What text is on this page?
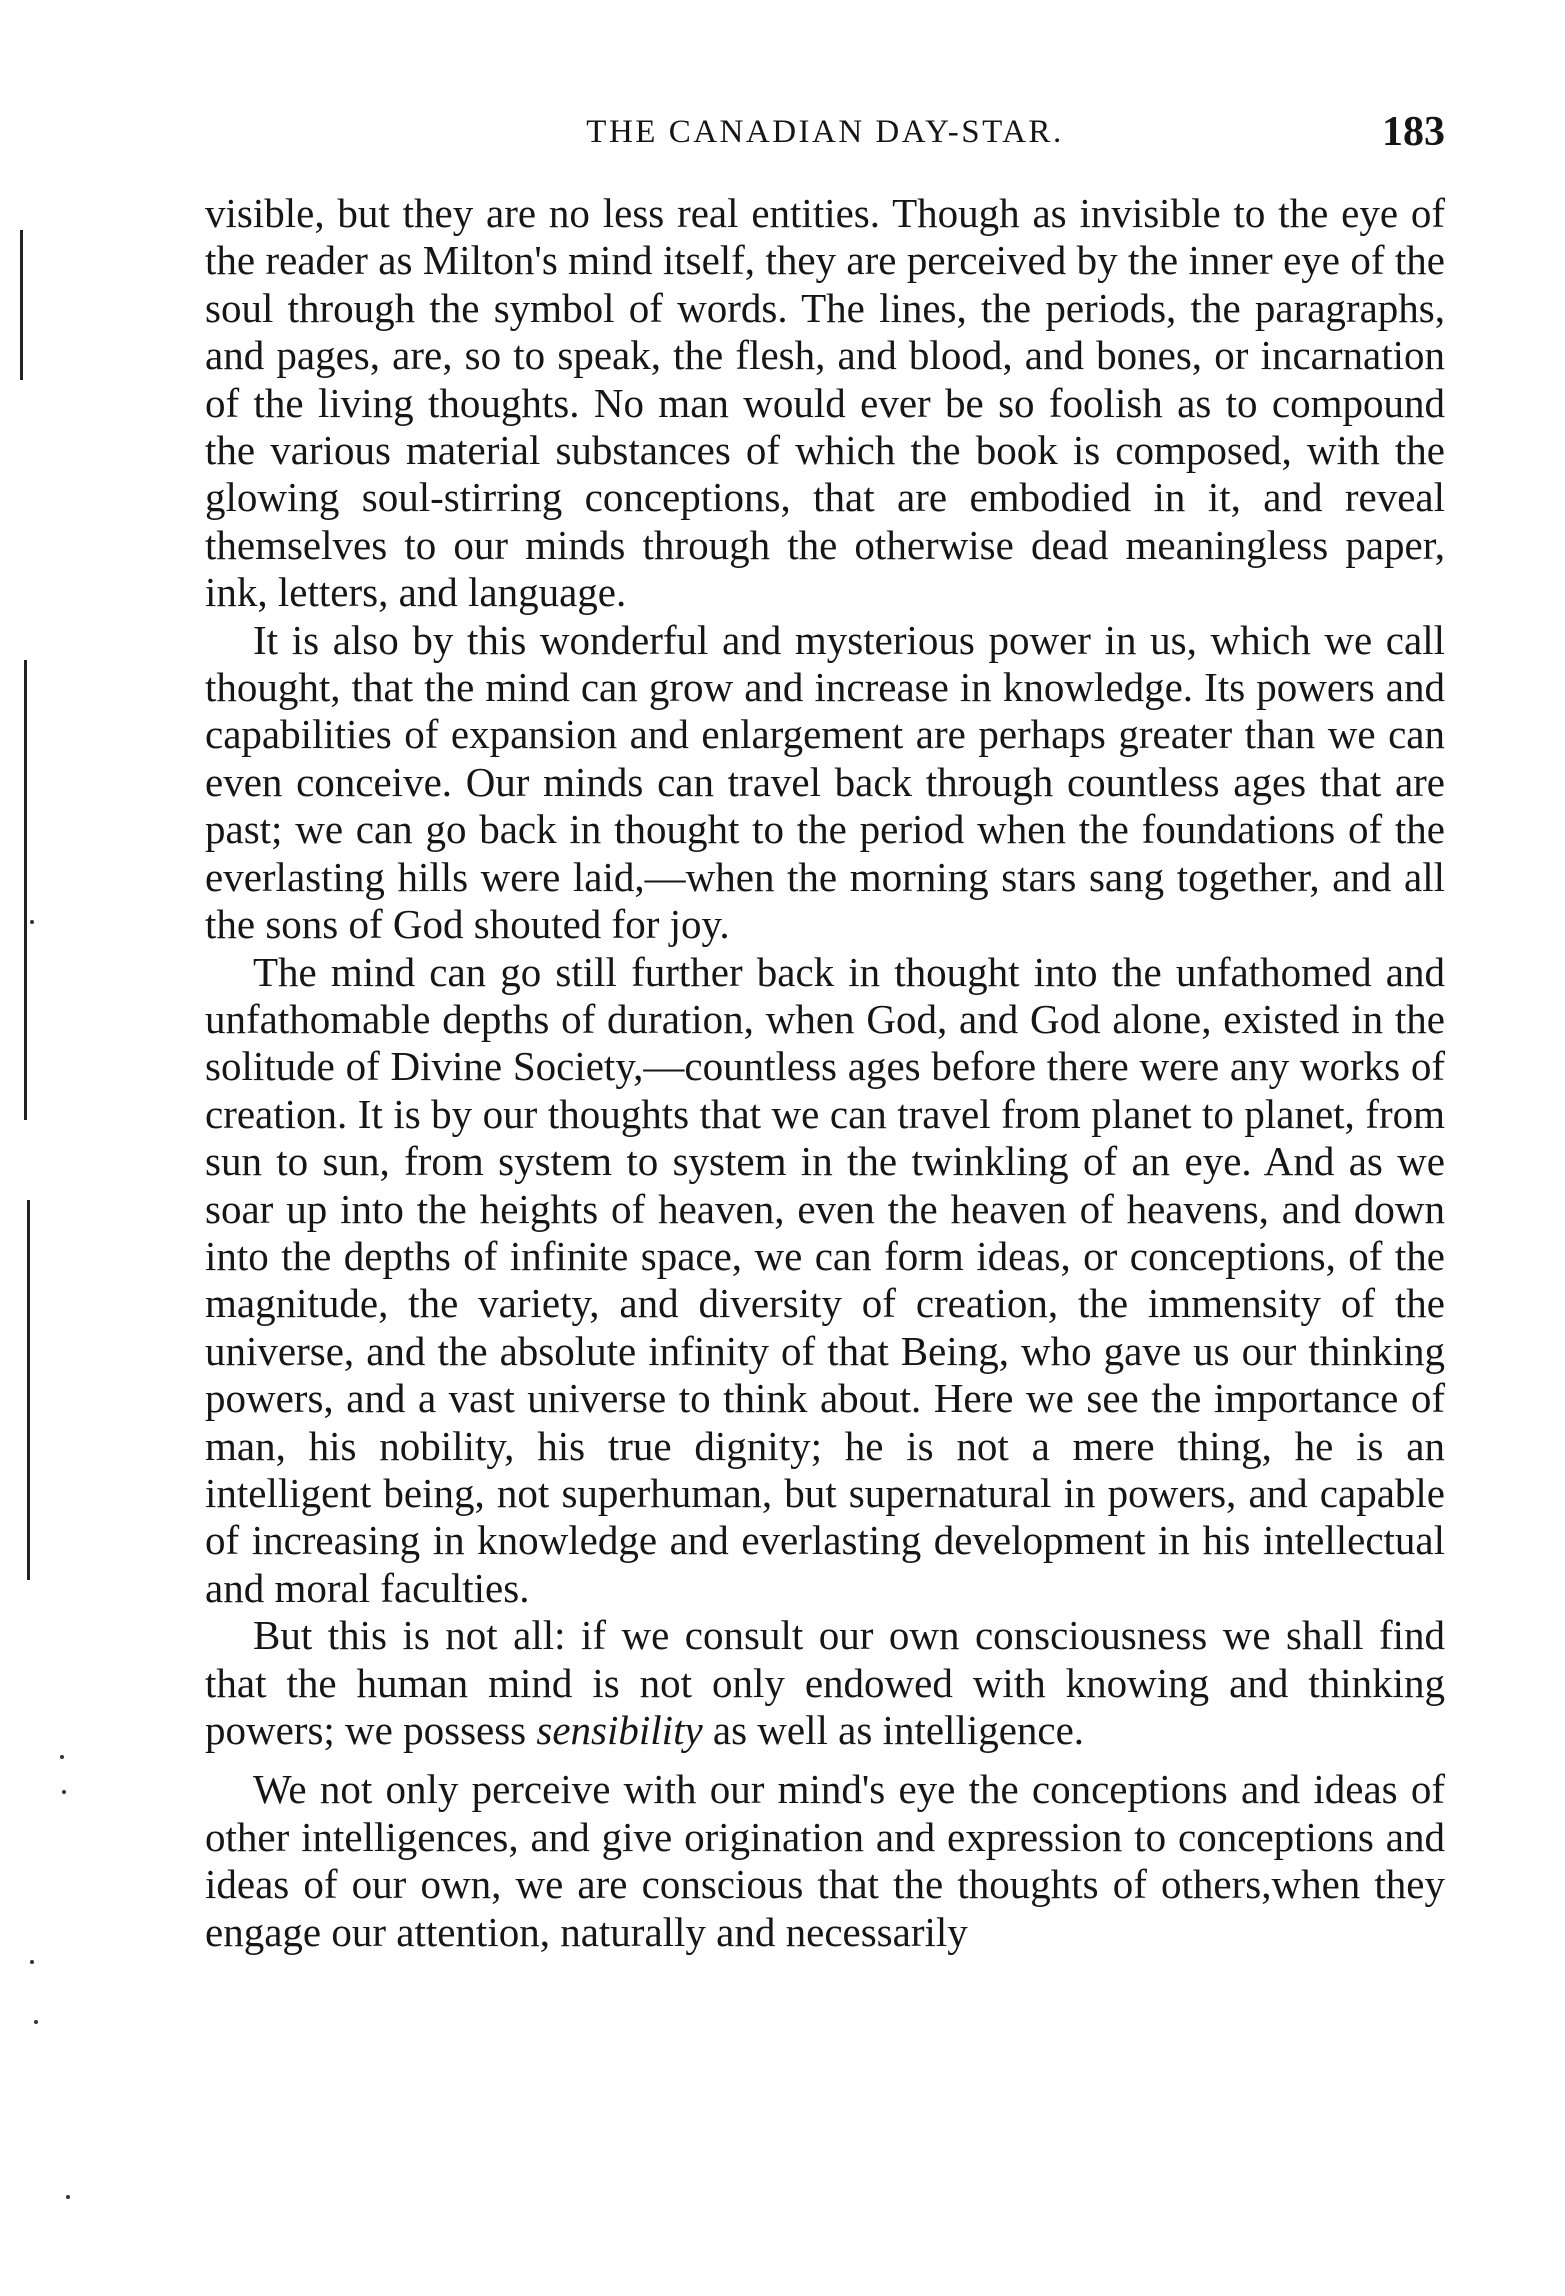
THE CANADIAN DAY-STAR.	183

visible, but they are no less real entities. Though as invisible to the eye of the reader as Milton's mind itself, they are perceived by the inner eye of the soul through the symbol of words. The lines, the periods, the paragraphs, and pages, are, so to speak, the flesh, and blood, and bones, or incarnation of the living thoughts. No man would ever be so foolish as to compound the various material substances of which the book is composed, with the glowing soul-stirring conceptions, that are embodied in it, and reveal themselves to our minds through the otherwise dead meaningless paper, ink, letters, and language.

It is also by this wonderful and mysterious power in us, which we call thought, that the mind can grow and increase in knowledge. Its powers and capabilities of expansion and enlargement are perhaps greater than we can even conceive. Our minds can travel back through countless ages that are past; we can go back in thought to the period when the foundations of the everlasting hills were laid,—when the morning stars sang together, and all the sons of God shouted for joy.

The mind can go still further back in thought into the unfathomed and unfathomable depths of duration, when God, and God alone, existed in the solitude of Divine Society,—countless ages before there were any works of creation. It is by our thoughts that we can travel from planet to planet, from sun to sun, from system to system in the twinkling of an eye. And as we soar up into the heights of heaven, even the heaven of heavens, and down into the depths of infinite space, we can form ideas, or conceptions, of the magnitude, the variety, and diversity of creation, the immensity of the universe, and the absolute infinity of that Being, who gave us our thinking powers, and a vast universe to think about. Here we see the importance of man, his nobility, his true dignity; he is not a mere thing, he is an intelligent being, not superhuman, but supernatural in powers, and capable of increasing in knowledge and everlasting development in his intellectual and moral faculties.

But this is not all: if we consult our own consciousness we shall find that the human mind is not only endowed with knowing and thinking powers; we possess sensibility as well as intelligence.

We not only perceive with our mind's eye the conceptions and ideas of other intelligences, and give origination and expression to conceptions and ideas of our own, we are conscious that the thoughts of others,when they engage our attention, naturally and necessarily
